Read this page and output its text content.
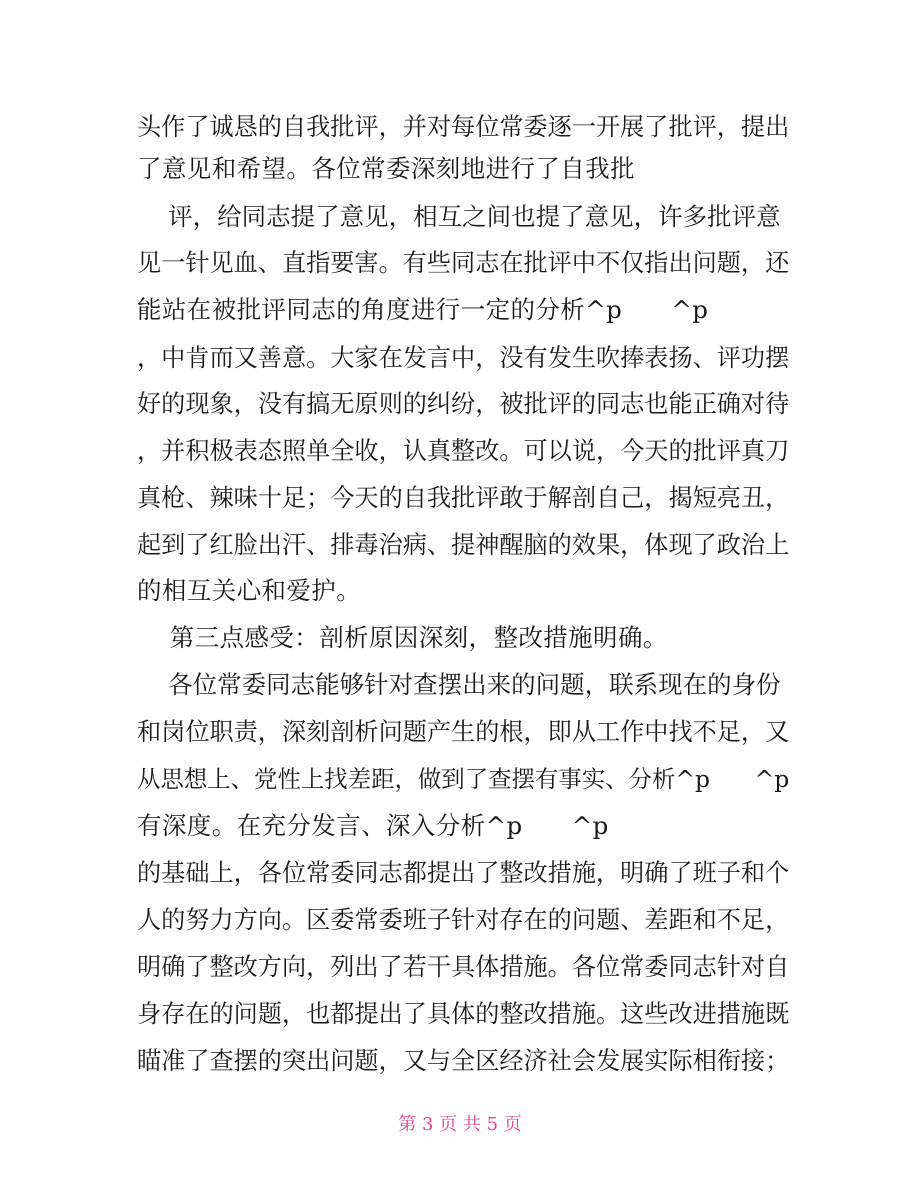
头作了诚恳的自我批评，并对每位常委逐一开展了批评，提出
了意见和希望。各位常委深刻地进行了自我批
评，给同志提了意见，相互之间也提了意见，许多批评意
见一针见血、直指要害。有些同志在批评中不仅指出问题，还
能站在被批评同志的角度进行一定的分析^p      ^p
，中肯而又善意。大家在发言中，没有发生吹捧表扬、评功摆
好的现象，没有搞无原则的纠纷，被批评的同志也能正确对待
，并积极表态照单全收，认真整改。可以说，今天的批评真刀
真枪、辣味十足；今天的自我批评敢于解剖自己，揭短亮丑，
起到了红脸出汗、排毒治病、提神醒脑的效果，体现了政治上
的相互关心和爱护。
第三点感受：剖析原因深刻，整改措施明确。
各位常委同志能够针对查摆出来的问题，联系现在的身份
和岗位职责，深刻剖析问题产生的根，即从工作中找不足，又
从思想上、党性上找差距，做到了查摆有事实、分析^p      ^p
有深度。在充分发言、深入分析^p      ^p
的基础上，各位常委同志都提出了整改措施，明确了班子和个
人的努力方向。区委常委班子针对存在的问题、差距和不足，
明确了整改方向，列出了若干具体措施。各位常委同志针对自
身存在的问题，也都提出了具体的整改措施。这些改进措施既
瞄准了查摆的突出问题，又与全区经济社会发展实际相衔接；
第 3 页 共 5 页
